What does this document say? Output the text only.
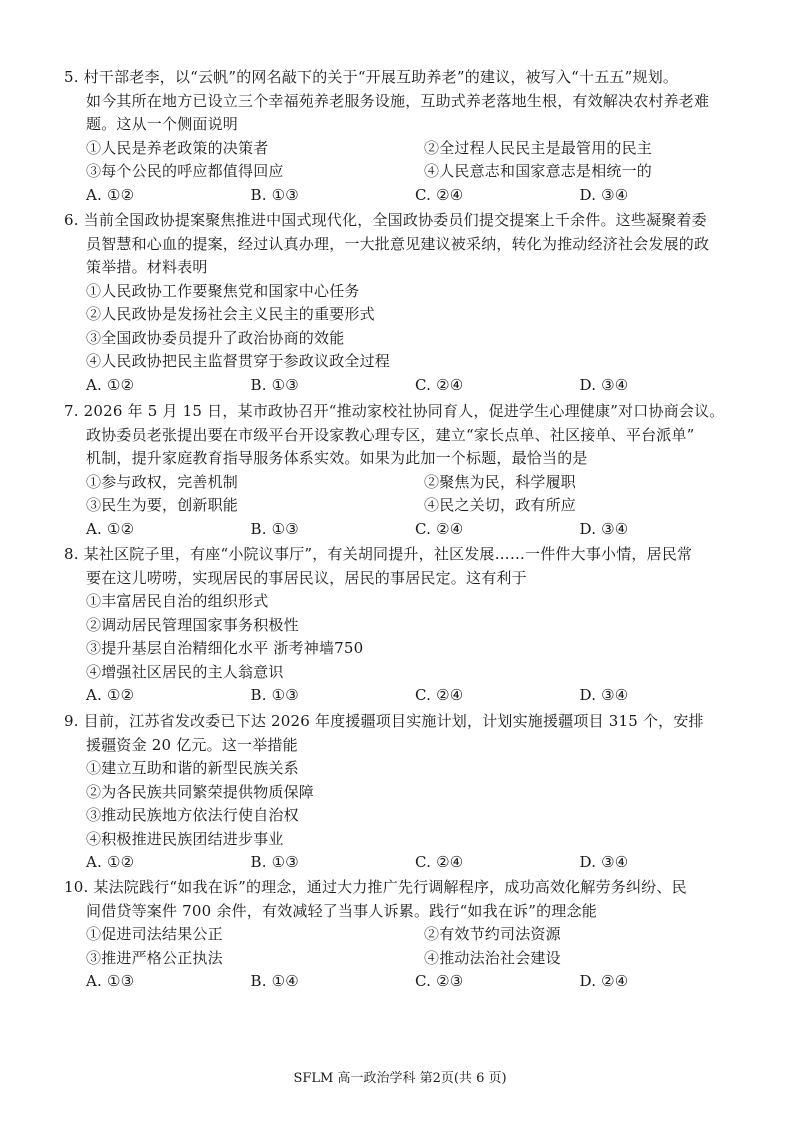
5. 村干部老李，以“云帆”的网名敲下的关于“开展互助养老”的建议，被写入“十五五”规划。
如今其所在地方已设立三个幸福苑养老服务设施，互助式养老落地生根，有效解决农村养老难
题。这从一个侧面说明
①人民是养老政策的决策者	②全过程人民民主是最管用的民主
③每个公民的呼应都值得回应	④人民意志和国家意志是相统一的
A. ①②	B. ①③	C. ②④	D. ③④
6. 当前全国政协提案聚焦推进中国式现代化，全国政协委员们提交提案上千余件。这些凝聚着委
员智慧和心血的提案，经过认真办理，一大批意见建议被采纳，转化为推动经济社会发展的政
策举措。材料表明
①人民政协工作要聚焦党和国家中心任务
②人民政协是发扬社会主义民主的重要形式
③全国政协委员提升了政治协商的效能
④人民政协把民主监督贯穿于参政议政全过程
A. ①②	B. ①③	C. ②④	D. ③④
7. 2026 年 5 月 15 日，某市政协召开“推动家校社协同育人，促进学生心理健康”对口协商会议。
政协委员老张提出要在市级平台开设家教心理专区，建立“家长点单、社区接单、平台派单”
机制，提升家庭教育指导服务体系实效。如果为此加一个标题，最恰当的是
①参与政权，完善机制	②聚焦为民，科学履职
③民生为要，创新职能	④民之关切，政有所应
A. ①②	B. ①③	C. ②④	D. ③④
8. 某社区院子里，有座“小院议事厅”，有关胡同提升，社区发展……一件件大事小情，居民常
要在这儿唠唠，实现居民的事居民议，居民的事居民定。这有利于
①丰富居民自治的组织形式
②调动居民管理国家事务积极性
③提升基层自治精细化水平 浙考神墙750
④增强社区居民的主人翁意识
A. ①②	B. ①③	C. ②④	D. ③④
9. 目前，江苏省发改委已下达 2026 年度援疆项目实施计划，计划实施援疆项目 315 个，安排
援疆资金 20 亿元。这一举措能
①建立互助和谐的新型民族关系
②为各民族共同繁荣提供物质保障
③推动民族地方依法行使自治权
④积极推进民族团结进步事业
A. ①②	B. ①③	C. ②④	D. ③④
10. 某法院践行“如我在诉”的理念，通过大力推广先行调解程序，成功高效化解劳务纠纷、民
间借贷等案件 700 余件，有效减轻了当事人诉累。践行“如我在诉”的理念能
①促进司法结果公正	②有效节约司法资源
③推进严格公正执法	④推动法治社会建设
A. ①③	B. ①④	C. ②③	D. ②④
SFLM 高一政治学科 第2页(共 6 页)
